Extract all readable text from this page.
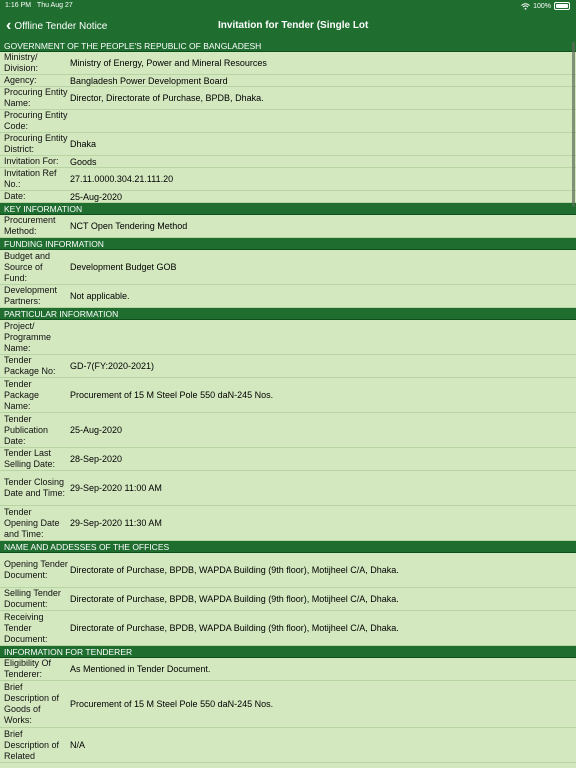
1:16 PM Thu Aug 27	100%
‹ Offline Tender Notice	Invitation for Tender (Single Lot
GOVERNMENT OF THE PEOPLE'S REPUBLIC OF BANGLADESH
Ministry/ Division:	Ministry of Energy, Power and Mineral Resources
Agency:	Bangladesh Power Development Board
Procuring Entity Name:	Director, Directorate of Purchase, BPDB, Dhaka.
Procuring Entity Code:
Procuring Entity District:	Dhaka
Invitation For:	Goods
Invitation Ref No.:	27.11.0000.304.21.111.20
Date:	25-Aug-2020
KEY INFORMATION
Procurement Method:	NCT Open Tendering Method
FUNDING INFORMATION
Budget and Source of Fund:
Development Budget GOB
Development Partners:	Not applicable.
PARTICULAR INFORMATION
Project/ Programme Name:
Tender Package No:	GD-7(FY:2020-2021)
Tender Package Name:
Procurement of 15 M Steel Pole 550 daN-245 Nos.
Tender Publication Date:
25-Aug-2020
Tender Last Selling Date:	28-Sep-2020
Tender Closing Date and Time: 29-Sep-2020 11:00 AM
Tender Opening Date and Time:
29-Sep-2020 11:30 AM
NAME AND ADDESSES OF THE OFFICES
Opening Tender Document:	Directorate of Purchase, BPDB, WAPDA Building (9th floor), Motijheel C/A, Dhaka.
Selling Tender Document:	Directorate of Purchase, BPDB, WAPDA Building (9th floor), Motijheel C/A, Dhaka.
Receiving Tender Document:
Directorate of Purchase, BPDB, WAPDA Building (9th floor), Motijheel C/A, Dhaka.
INFORMATION FOR TENDERER
Eligibility Of Tenderer:	As Mentioned in Tender Document.
Brief Description of Goods of Works:
Procurement of 15 M Steel Pole 550 daN-245 Nos.
Brief Description of Related
N/A
